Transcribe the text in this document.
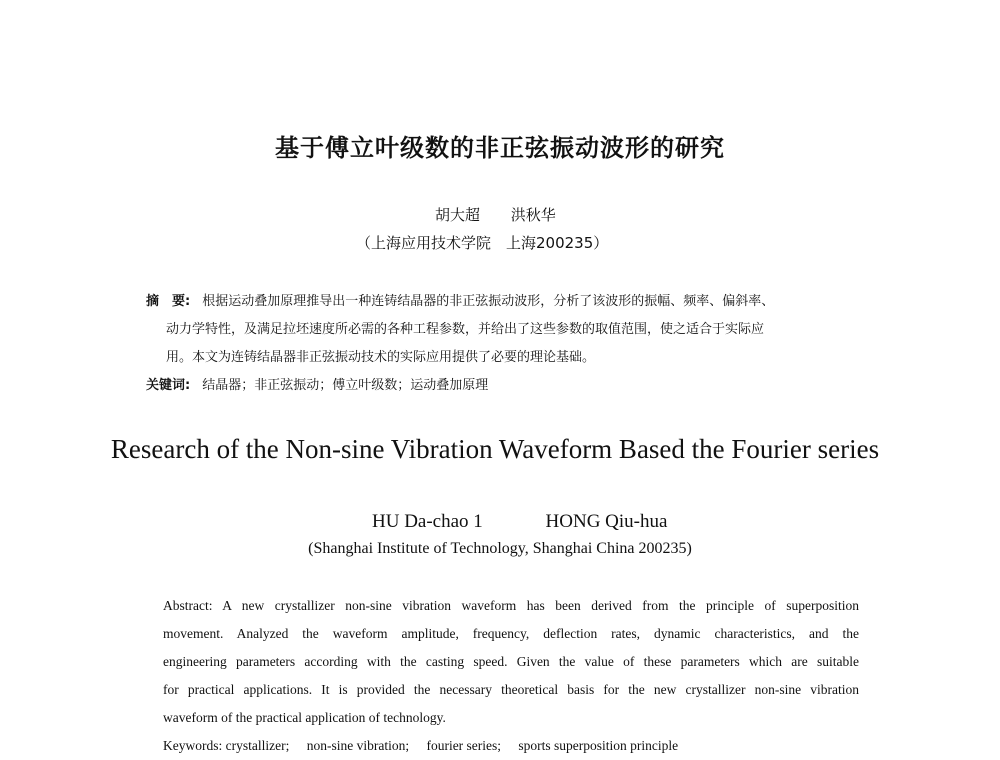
基于傅立叶级数的非正弦振动波形的研究
胡大超 洪秋华
（上海应用技术学院　上海200235）
摘　要: 根据运动叠加原理推导出一种连铸结晶器的非正弦振动波形，分析了该波形的振幅、频率、偏斜率、
动力学特性，及满足拉坯速度所必需的各种工程参数，并给出了这些参数的取值范围，使之适合于实际应
用。本文为连铸结晶器非正弦振动技术的实际应用提供了必要的理论基础。
关键词: 结晶器；非正弦振动；傅立叶级数；运动叠加原理
Research of the Non-sine Vibration Waveform Based the Fourier series
HU Da-chao 1	HONG Qiu-hua
(Shanghai Institute of Technology, Shanghai China 200235)
Abstract: A new crystallizer non-sine vibration waveform has been derived from the principle of superposition
movement. Analyzed the waveform amplitude, frequency, deflection rates, dynamic characteristics, and the
engineering parameters according with the casting speed. Given the value of these parameters which are suitable
for practical applications. It is provided the necessary theoretical basis for the new crystallizer non-sine vibration
waveform of the practical application of technology.
Keywords: crystallizer; non-sine vibration; fourier series; sports superposition principle
